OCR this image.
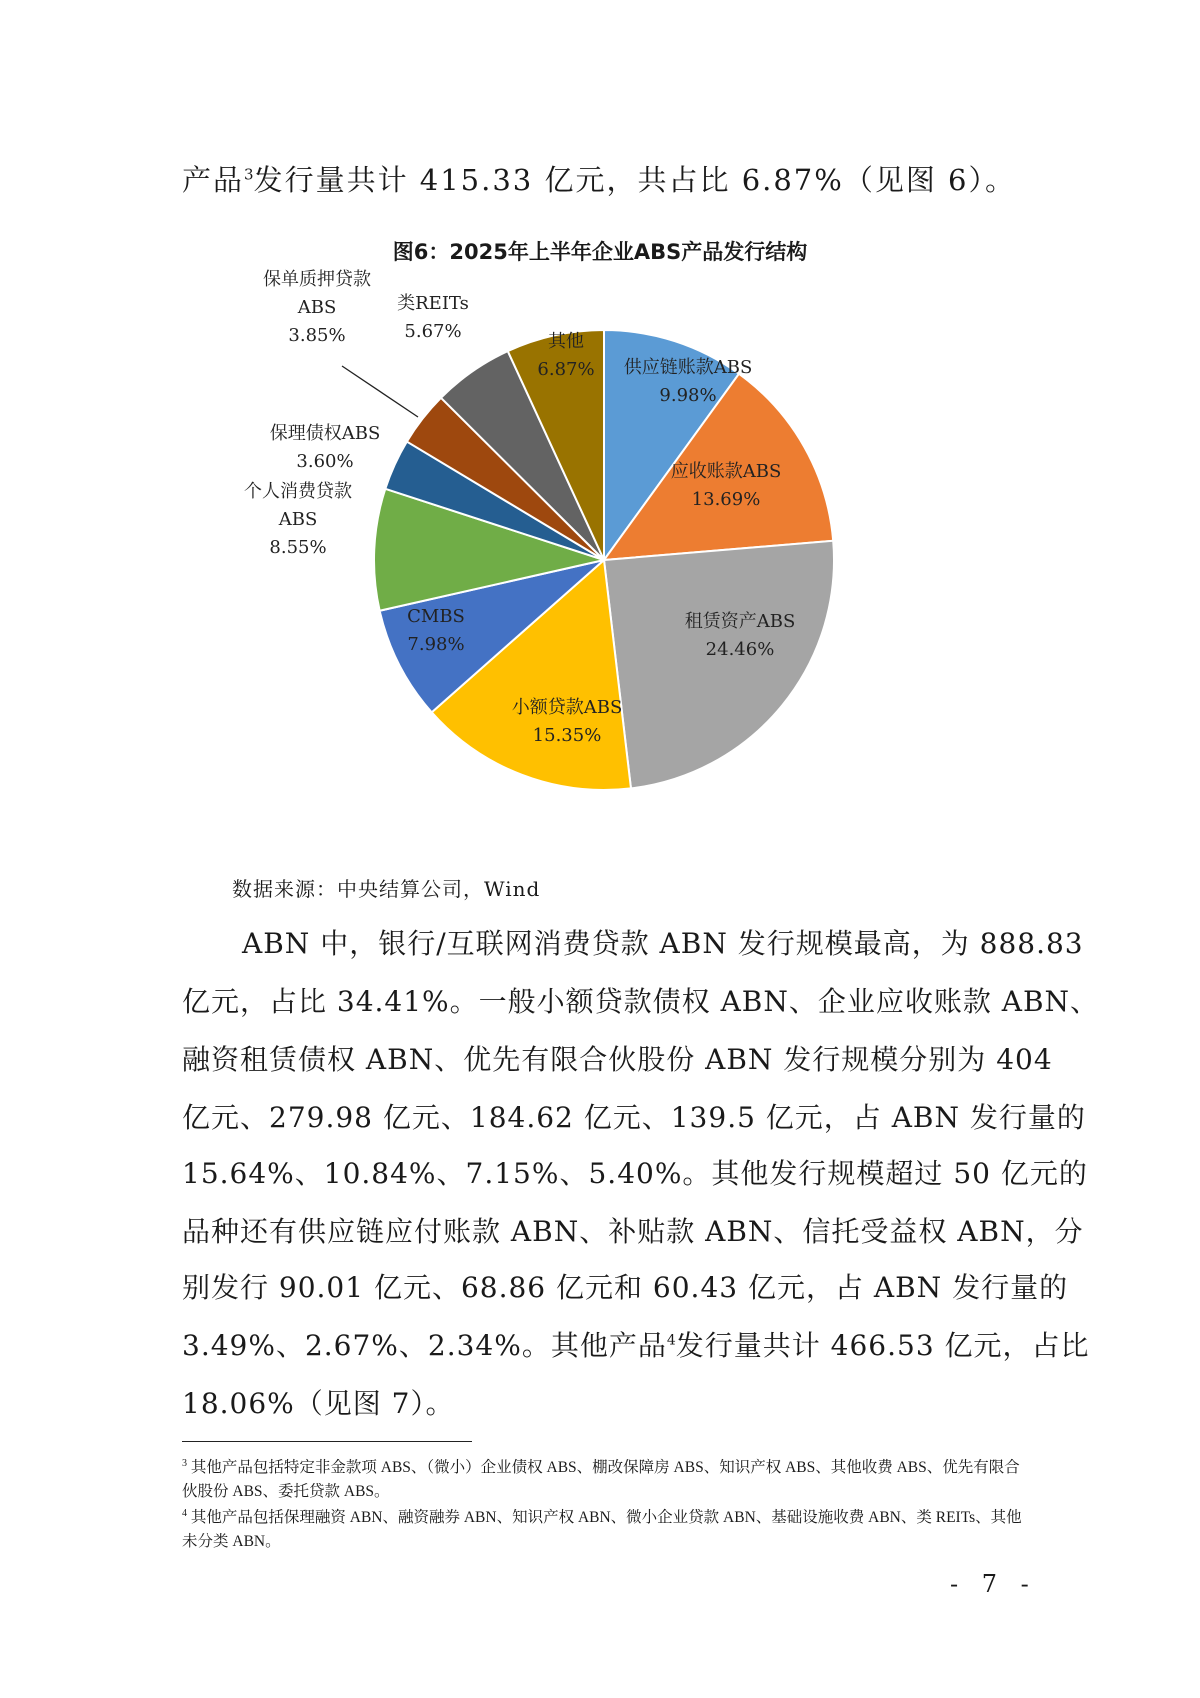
产品$^3$发行量共计 415.33 亿元，共占比 6.87%（见图 6）。
图6：2025年上半年企业ABS产品发行结构
供应链账款ABS
9.98%
应收账款ABS
13.69%
租赁资产ABS
24.46%
小额贷款ABS
15.35%
CMBS
7.98%
个人消费贷款
ABS
8.55%
保理债权ABS
3.60%
保单质押贷款
ABS
3.85%
类REITs
5.67%	其他
6.87%
数据来源：中央结算公司，Wind
ABN 中，银行/互联网消费贷款 ABN 发行规模最高，为 888.83
亿元，占比 34.41%。一般小额贷款债权 ABN、企业应收账款 ABN、
融资租赁债权 ABN、优先有限合伙股份 ABN 发行规模分别为 404
亿元、279.98 亿元、184.62 亿元、139.5 亿元，占 ABN 发行量的
15.64%、10.84%、7.15%、5.40%。其他发行规模超过 50 亿元的
品种还有供应链应付账款 ABN、补贴款 ABN、信托受益权 ABN，分
别发行 90.01 亿元、68.86 亿元和 60.43 亿元，占 ABN 发行量的
3.49%、2.67%、2.34%。其他产品$^4$发行量共计 466.53 亿元，占比
18.06%（见图 7）。
$^3$ 其他产品包括特定非金款项 ABS、（微小）企业债权 ABS、棚改保障房 ABS、知识产权 ABS、其他收费 ABS、优先有限合伙股份 ABS、委托贷款 ABS。
$^4$ 其他产品包括保理融资 ABN、融资融券 ABN、知识产权 ABN、微小企业贷款 ABN、基础设施收费 ABN、类 REITs、其他未分类 ABN。
- 7 -
